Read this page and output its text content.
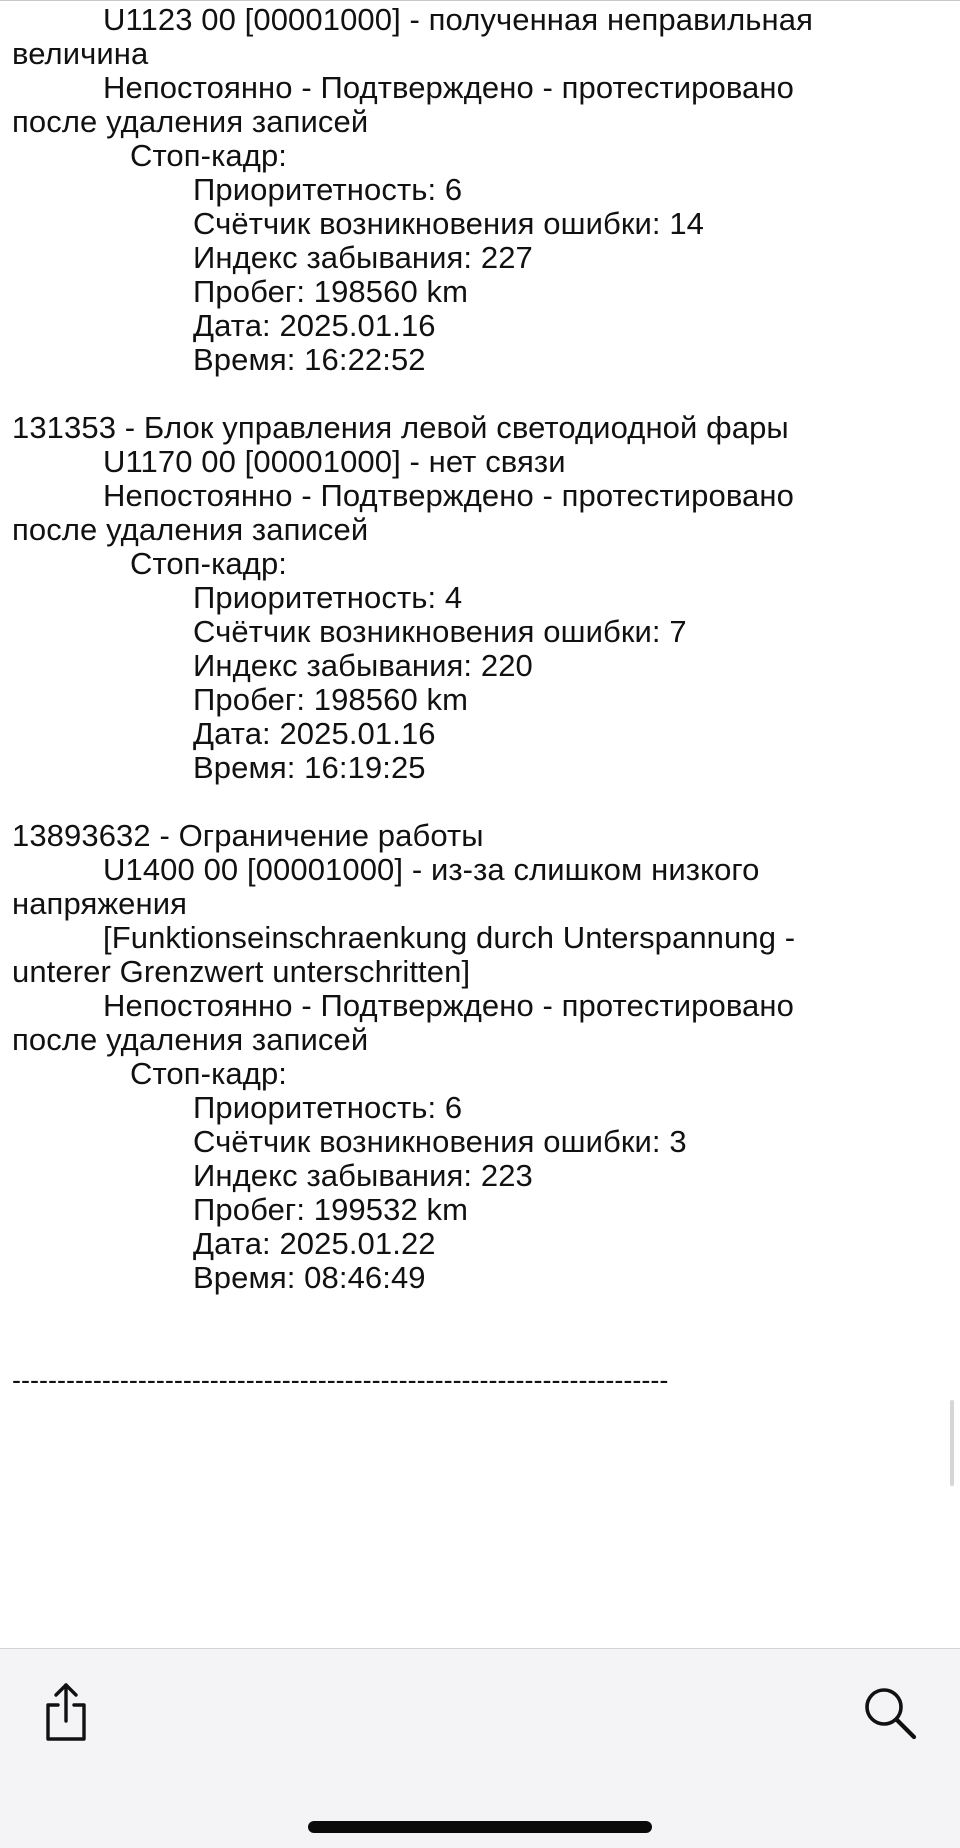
U1123 00 [00001000] - полученная неправильная
величина
Непостоянно - Подтверждено - протестировано
после удаления записей
Стоп-кадр:
Приоритетность: 6
Счётчик возникновения ошибки: 14
Индекс забывания: 227
Пробег: 198560 km
Дата: 2025.01.16
Время: 16:22:52
131353 - Блок управления левой светодиодной фары
U1170 00 [00001000] - нет связи
Непостоянно - Подтверждено - протестировано
после удаления записей
Стоп-кадр:
Приоритетность: 4
Счётчик возникновения ошибки: 7
Индекс забывания: 220
Пробег: 198560 km
Дата: 2025.01.16
Время: 16:19:25
13893632 - Ограничение работы
U1400 00 [00001000] - из-за слишком низкого
напряжения
[Funktionseinschraenkung durch Unterspannung -
unterer Grenzwert unterschritten]
Непостоянно - Подтверждено - протестировано
после удаления записей
Стоп-кадр:
Приоритетность: 6
Счётчик возникновения ошибки: 3
Индекс забывания: 223
Пробег: 199532 km
Дата: 2025.01.22
Время: 08:46:49
-------------------------------------------------------------------------
